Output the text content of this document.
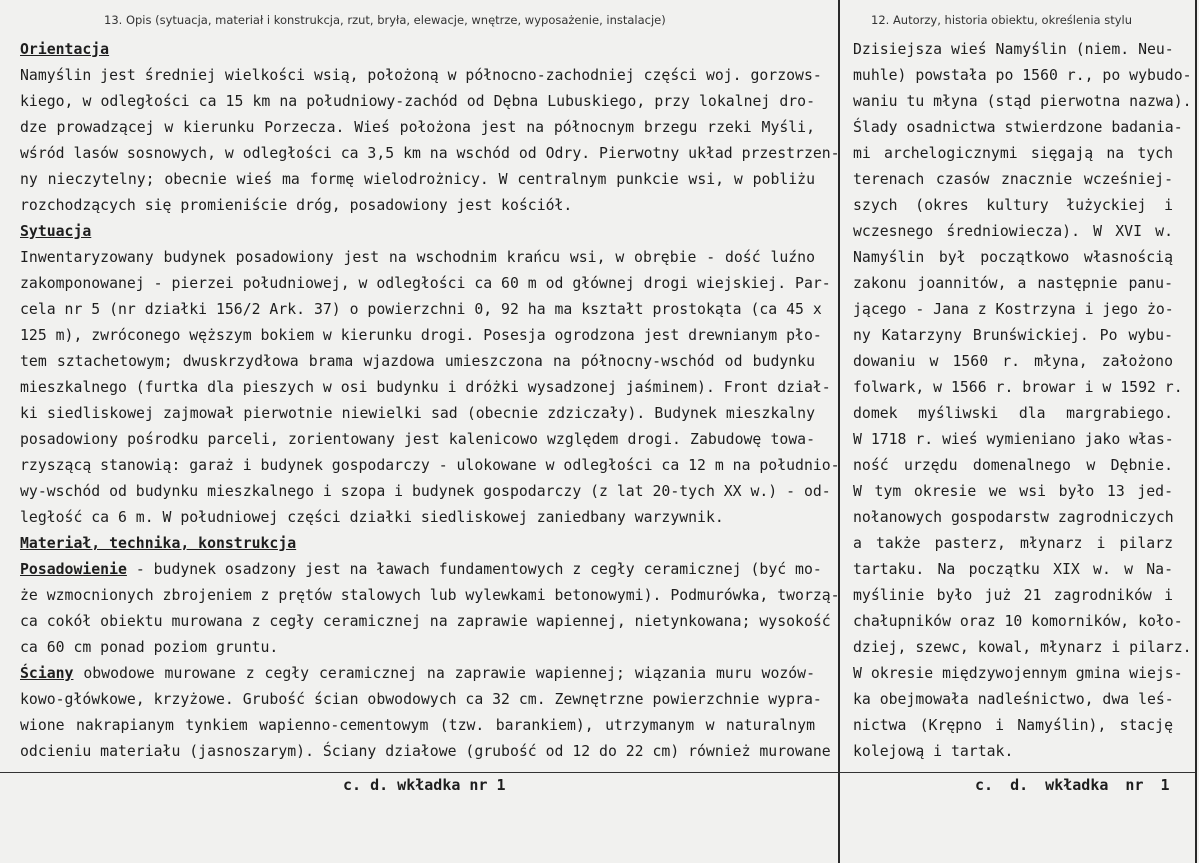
13. Opis (sytuacja, materiał i konstrukcja, rzut, bryła, elewacje, wnętrze, wyposażenie, instalacje)	12. Autorzy, historia obiektu, określenia stylu
Orientacja
Namyślin jest średniej wielkości wsią, położoną w północno-zachodniej części woj. gorzows-
kiego, w odległości ca 15 km na południowy-zachód od Dębna Lubuskiego, przy lokalnej dro-
dze prowadzącej w kierunku Porzecza. Wieś położona jest na północnym brzegu rzeki Myśli,
wśród lasów sosnowych, w odległości ca 3,5 km na wschód od Odry. Pierwotny układ przestrzen-
ny nieczytelny; obecnie wieś ma formę wielodrożnicy. W centralnym punkcie wsi, w pobliżu
rozchodzących się promieniście dróg, posadowiony jest kościół.
Sytuacja
Inwentaryzowany budynek posadowiony jest na wschodnim krańcu wsi, w obrębie - dość luźno
zakomponowanej - pierzei południowej, w odległości ca 60 m od głównej drogi wiejskiej. Par-
cela nr 5 (nr działki 156/2 Ark. 37) o powierzchni 0, 92 ha ma kształt prostokąta (ca 45 x
125 m), zwróconego węższym bokiem w kierunku drogi. Posesja ogrodzona jest drewnianym pło-
tem sztachetowym; dwuskrzydłowa brama wjazdowa umieszczona na północny-wschód od budynku
mieszkalnego (furtka dla pieszych w osi budynku i dróżki wysadzonej jaśminem). Front dział-
ki siedliskowej zajmował pierwotnie niewielki sad (obecnie zdziczały). Budynek mieszkalny
posadowiony pośrodku parceli, zorientowany jest kalenicowo względem drogi. Zabudowę towa-
rzyszącą stanowią: garaż i budynek gospodarczy - ulokowane w odległości ca 12 m na południo-
wy-wschód od budynku mieszkalnego i szopa i budynek gospodarczy (z lat 20-tych XX w.) - od-
ległość ca 6 m. W południowej części działki siedliskowej zaniedbany warzywnik.
Materiał, technika, konstrukcja
Posadowienie - budynek osadzony jest na ławach fundamentowych z cegły ceramicznej (być mo-
że wzmocnionych zbrojeniem z prętów stalowych lub wylewkami betonowymi). Podmurówka, tworzą-
ca cokół obiektu murowana z cegły ceramicznej na zaprawie wapiennej, nietynkowana; wysokość
ca 60 cm ponad poziom gruntu.
Ściany obwodowe murowane z cegły ceramicznej na zaprawie wapiennej; wiązania muru wozów-
kowo-główkowe, krzyżowe. Grubość ścian obwodowych ca 32 cm. Zewnętrzne powierzchnie wypra-
wione nakrapianym tynkiem wapienno-cementowym (tzw. barankiem), utrzymanym w naturalnym
odcieniu materiału (jasnoszarym). Ściany działowe (grubość od 12 do 22 cm) również murowane
Dzisiejsza wieś Namyślin (niem. Neu-
muhle) powstała po 1560 r., po wybudo-
waniu tu młyna (stąd pierwotna nazwa).
Ślady osadnictwa stwierdzone badania-
mi archelogicznymi sięgają na tych
terenach czasów znacznie wcześniej-
szych (okres kultury łużyckiej i
wczesnego średniowiecza). W XVI w.
Namyślin był początkowo własnością
zakonu joannitów, a następnie panu-
jącego - Jana z Kostrzyna i jego żo-
ny Katarzyny Brunświckiej. Po wybu-
dowaniu w 1560 r. młyna, założono
folwark, w 1566 r. browar i w 1592 r.
domek myśliwski dla margrabiego.
W 1718 r. wieś wymieniano jako włas-
ność urzędu domenalnego w Dębnie.
W tym okresie we wsi było 13 jed-
nołanowych gospodarstw zagrodniczych
a także pasterz, młynarz i pilarz
tartaku. Na początku XIX w. w Na-
myślinie było już 21 zagrodników i
chałupników oraz 10 komorników, koło-
dziej, szewc, kowal, młynarz i pilarz.
W okresie międzywojennym gmina wiejs-
ka obejmowała nadleśnictwo, dwa leś-
nictwa (Krępno i Namyślin), stację
kolejową i tartak.
c. d. wkładka nr 1	c. d. wkładka nr 1
